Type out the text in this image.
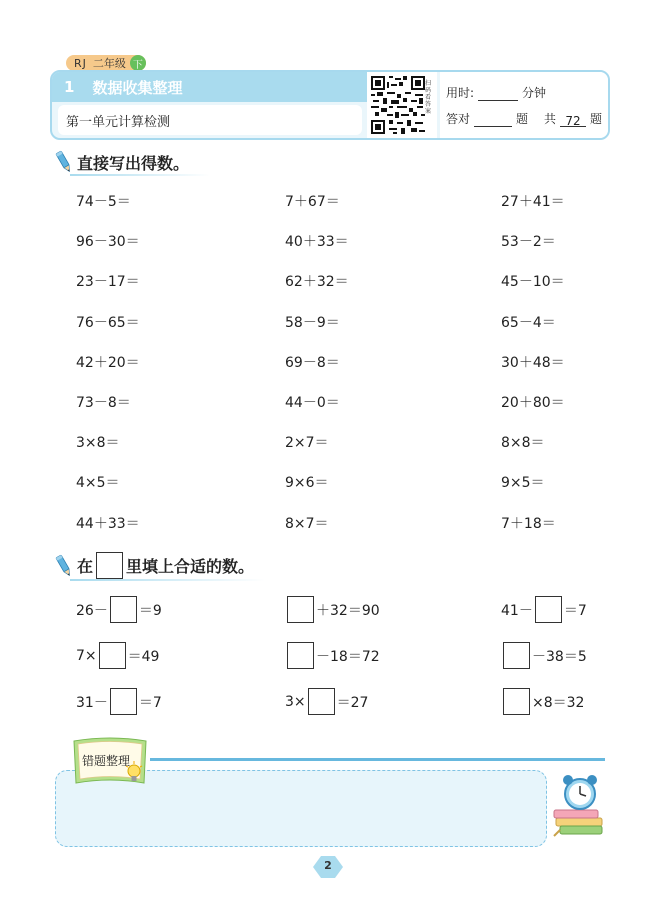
RJ 二年级 下
1 数据收集整理
第一单元计算检测
扫码看答案
用时:	分钟
答对	题 共 72 题
直接写出得数。
74－5＝	7＋67＝	27＋41＝
96－30＝	40＋33＝	53－2＝
23－17＝	62＋32＝	45－10＝
76－65＝	58－9＝	65－4＝
42＋20＝	69－8＝	30＋48＝
73－8＝	44－0＝	20＋80＝
3×8＝	2×7＝	8×8＝
4×5＝	9×6＝	9×5＝
44＋33＝	8×7＝	7＋18＝
在 里填上合适的数。
26－ ＝9	＋32＝90	41－ ＝7
7× ＝49	－18＝72	－38＝5
31－ ＝7	3× ＝27	×8＝32
错题整理
2
